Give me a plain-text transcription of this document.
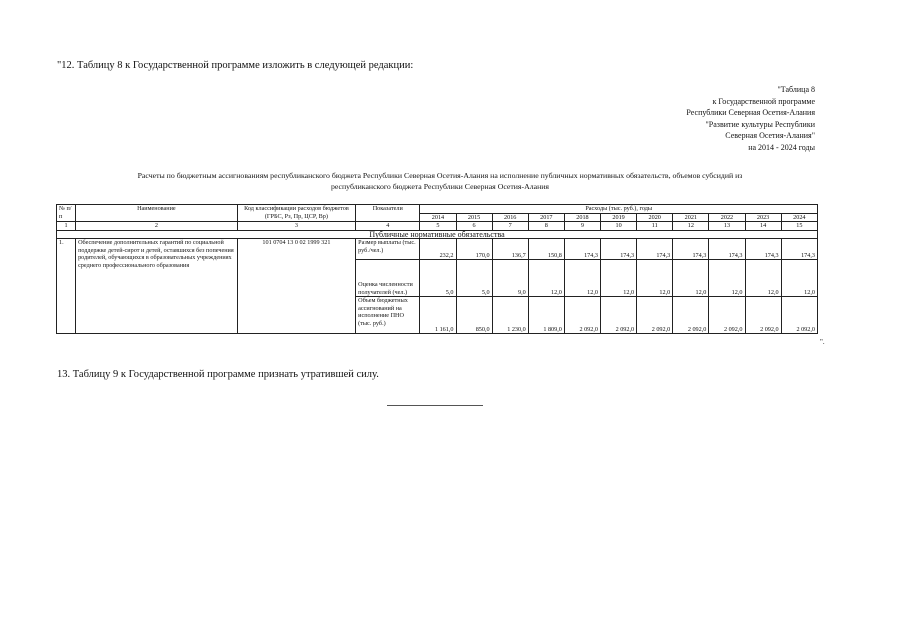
"12. Таблицу 8 к Государственной программе изложить в следующей редакции:
"Таблица 8
к Государственной программе
Республики Северная Осетия-Алания
"Развитие культуры Республики
Северная Осетия-Алания"
на 2014 - 2024 годы
Расчеты по бюджетным ассигнованиям республиканского бюджета Республики Северная Осетия-Алания на исполнение публичных нормативных обязательств, объемов субсидий из
республиканского бюджета Республики Северная Осетия-Алания
№ п/п	Наименование	Код классификации расходов бюджетов (ГРБС, Рз, Пр, ЦСР, Вр)	Показатели	Расходы (тыс. руб.), годы										
				2014	2015	2016	2017	2018	2019	2020	2021	2022	2023	2024
1	2	3	4	5	6	7	8	9	10	11	12	13	14	15
Публичные нормативные обязательства														
1.	Обеспечение дополнительных гарантий по социальной поддержке детей-сирот и детей, оставшихся без попечения родителей, обучающихся в образовательных учреждениях среднего профессионального образования	101 0704 13 0 02 1999 321	Размер выплаты (тыс. руб./чел.)	232,2	170,0	136,7	150,8	174,3	174,3	174,3	174,3	174,3	174,3	174,3
			Оценка численности получателей (чел.)	5,0	5,0	9,0	12,0	12,0	12,0	12,0	12,0	12,0	12,0	12,0
			Объем бюджетных ассигнований на исполнение ПНО (тыс. руб.)	1 161,0	850,0	1 230,0	1 809,0	2 092,0	2 092,0	2 092,0	2 092,0	2 092,0	2 092,0	2 092,0
".
13. Таблицу 9 к Государственной программе признать утратившей силу.
